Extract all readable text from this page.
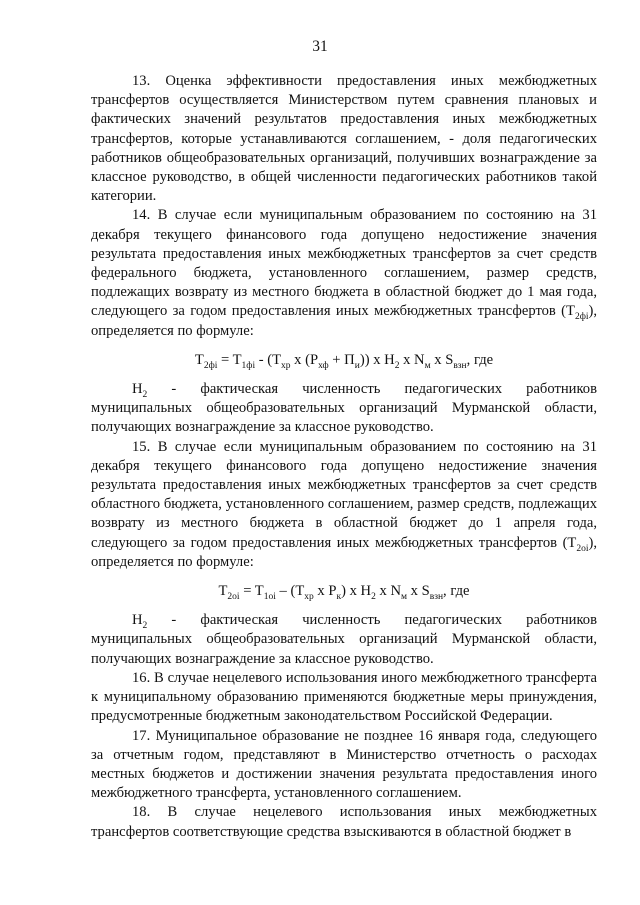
31

13. Оценка эффективности предоставления иных межбюджетных трансфертов осуществляется Министерством путем сравнения плановых и фактических значений результатов предоставления иных межбюджетных трансфертов, которые устанавливаются соглашением, - доля педагогических работников общеобразовательных организаций, получивших вознаграждение за классное руководство, в общей численности педагогических работников такой категории.

14. В случае если муниципальным образованием по состоянию на 31 декабря текущего финансового года допущено недостижение значения результата предоставления иных межбюджетных трансфертов за счет средств федерального бюджета, установленного соглашением, размер средств, подлежащих возврату из местного бюджета в областной бюджет до 1 мая года, следующего за годом предоставления иных межбюджетных трансфертов $(T_{2фi})$, определяется по формуле:

$T_{2фi} = T_{1фi} - (T_{хр}$ x $(P_{хф} + П_и)$) x $H_2$ x $N_м$ x $S_{взн}$, где

$H_2$ - фактическая численность педагогических работников муниципальных общеобразовательных организаций Мурманской области, получающих вознаграждение за классное руководство.

15. В случае если муниципальным образованием по состоянию на 31 декабря текущего финансового года допущено недостижение значения результата предоставления иных межбюджетных трансфертов за счет средств областного бюджета, установленного соглашением, размер средств, подлежащих возврату из местного бюджета в областной бюджет до 1 апреля года, следующего за годом предоставления иных межбюджетных трансфертов $(T_{2оi})$, определяется по формуле:

$T_{2оi} = T_{1оi} - (T_{хр}$ x $P_к$) x $H_2$ x $N_м$ x $S_{взн}$, где

$H_2$ - фактическая численность педагогических работников муниципальных общеобразовательных организаций Мурманской области, получающих вознаграждение за классное руководство.

16. В случае нецелевого использования иного межбюджетного трансферта к муниципальному образованию применяются бюджетные меры принуждения, предусмотренные бюджетным законодательством Российской Федерации.

17. Муниципальное образование не позднее 16 января года, следующего за отчетным годом, представляют в Министерство отчетность о расходах местных бюджетов и достижении значения результата предоставления иного межбюджетного трансферта, установленного соглашением.

18. В случае нецелевого использования иных межбюджетных трансфертов соответствующие средства взыскиваются в областной бюджет в
